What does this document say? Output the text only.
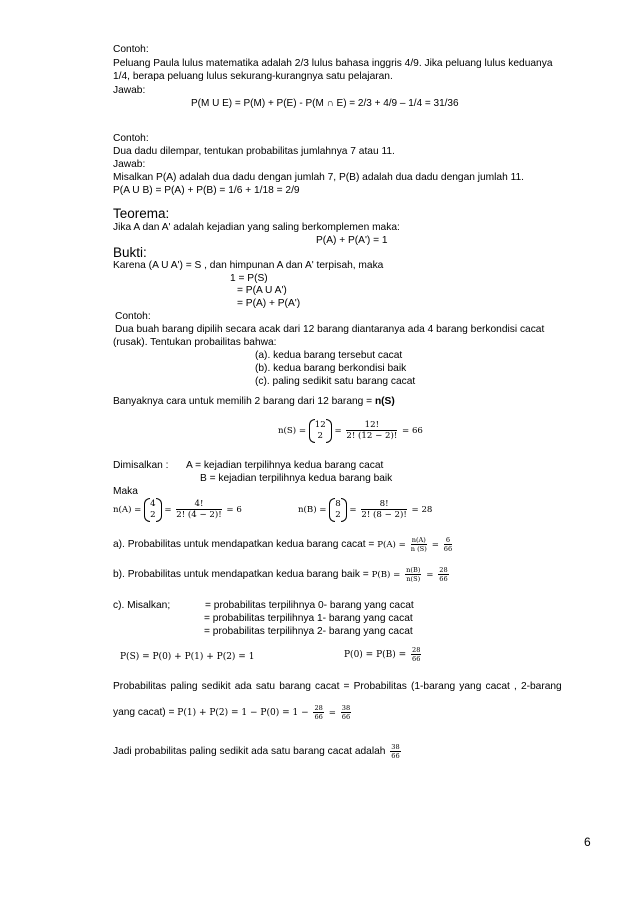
Contoh:
Peluang Paula lulus matematika adalah 2/3 lulus bahasa inggris 4/9. Jika peluang lulus keduanya
1/4, berapa peluang lulus sekurang-kurangnya satu pelajaran.
Jawab:
P(M U E) = P(M) + P(E) - P(M ∩ E) = 2/3 + 4/9 – 1/4 = 31/36
Contoh:
Dua dadu dilempar, tentukan probabilitas jumlahnya 7 atau 11.
Jawab:
Misalkan P(A) adalah dua dadu dengan jumlah 7, P(B) adalah dua dadu dengan jumlah 11.
P(A U B) = P(A) + P(B) = 1/6 + 1/18 = 2/9
Teorema:
Jika A dan A' adalah kejadian yang saling berkomplemen maka:
P(A) + P(A') = 1
Bukti:
Karena (A U A') = S , dan himpunan A dan A' terpisah, maka
1 = P(S)
= P(A U A')
= P(A) + P(A')
Contoh:
Dua buah barang dipilih secara acak dari 12 barang diantaranya ada 4 barang berkondisi cacat
(rusak). Tentukan probailitas bahwa:
(a). kedua barang tersebut cacat
(b). kedua barang berkondisi baik
(c). paling sedikit satu barang cacat
Banyaknya cara untuk memilih 2 barang dari 12 barang = n(S)
n(S) =
12
2	= $\frac{12!}{2! (12 - 2)!} = 66$
Dimisalkan : A = kejadian terpilihnya kedua barang cacat
B = kejadian terpilihnya kedua barang baik
Maka
n(A) =
4
$2 = \frac{4!}{2! (4 - 2)!} = 6$	n(B) =
8
$2 = \frac{8!}{2! (8 - 2)!} = 28$
a). Probabilitas untuk mendapatkan kedua barang cacat = $P(A) = \frac{n(A)}{n (S)} = \frac{6}{66}$
b). Probabilitas untuk mendapatkan kedua barang baik = $P(B) = \frac{n(B)}{n(S)} = \frac{28}{66}$
c). Misalkan;	= probabilitas terpilihnya 0- barang yang cacat
= probabilitas terpilihnya 1- barang yang cacat
= probabilitas terpilihnya 2- barang yang cacat
P(S) = P(0) + P(1) + P(2) = 1	$P(0) = P(B) = \frac{28}{66}$
Probabilitas paling sedikit ada satu barang cacat = Probabilitas (1-barang yang cacat , 2-barang
yang cacat) = $P(1) + P(2) = 1 - P(0) = 1 - \frac{28}{66} = \frac{38}{66}$
Jadi probabilitas paling sedikit ada satu barang cacat adalah $\frac{38}{66}$
6
